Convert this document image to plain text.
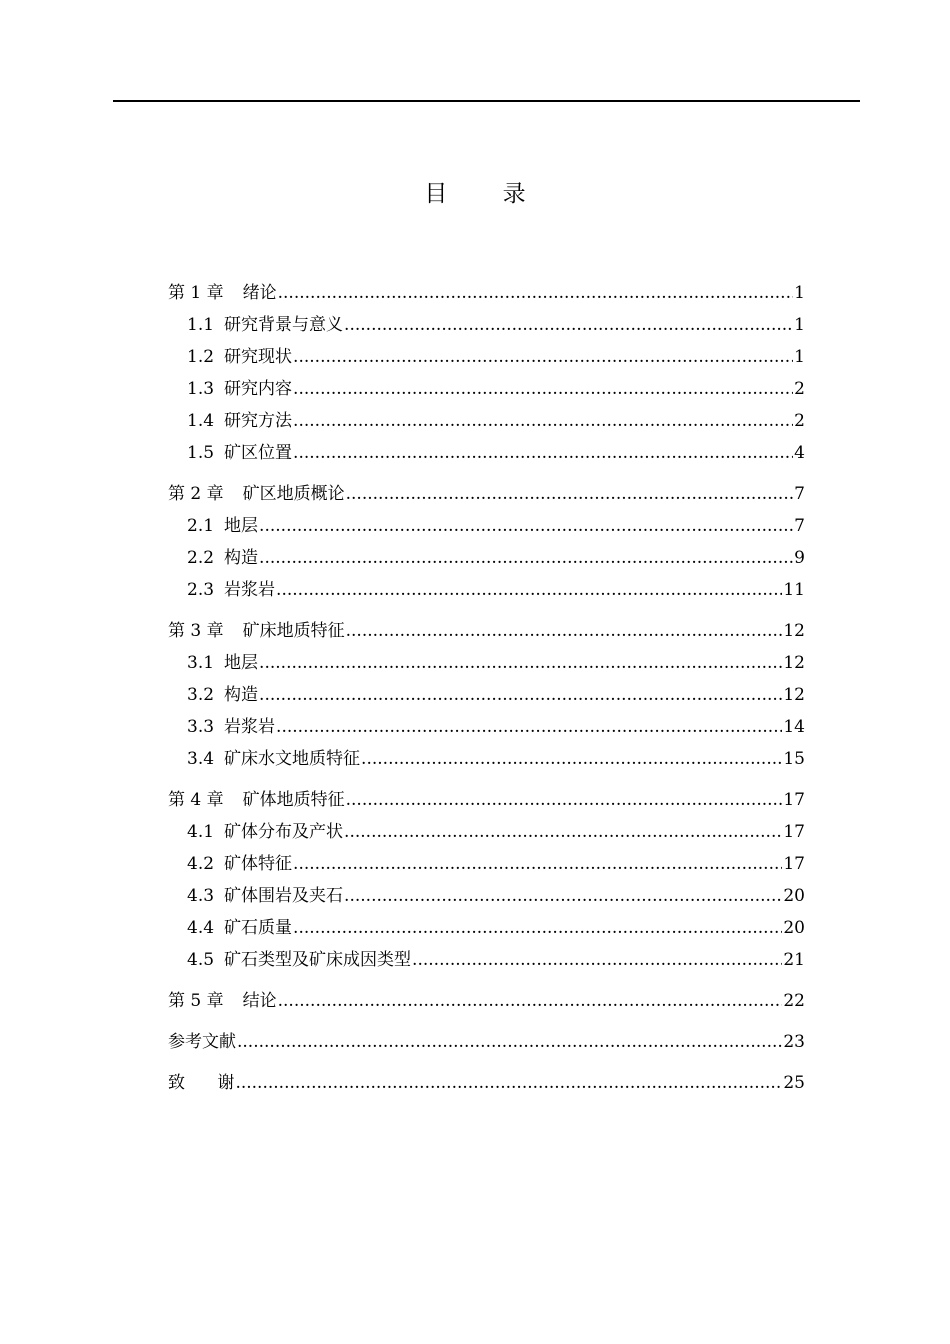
目 录
第 1 章 绪论 .....	1
1.1 研究背景与意义 .....	1
1.2 研究现状 .....	1
1.3 研究内容 .....	2
1.4 研究方法 .....	2
1.5 矿区位置 .....	4
第 2 章 矿区地质概论 .....	7
2.1 地层 .....	7
2.2 构造 .....	9
2.3 岩浆岩 .....	11
第 3 章 矿床地质特征 .....	12
3.1 地层 .....	12
3.2 构造 .....	12
3.3 岩浆岩 .....	14
3.4 矿床水文地质特征 .....	15
第 4 章 矿体地质特征 .....	17
4.1 矿体分布及产状 .....	17
4.2 矿体特征 .....	17
4.3 矿体围岩及夹石 .....	20
4.4 矿石质量 .....	20
4.5 矿石类型及矿床成因类型 .....	21
第 5 章 结论 .....	22
参考文献 .....	23
致      谢 .....	25
